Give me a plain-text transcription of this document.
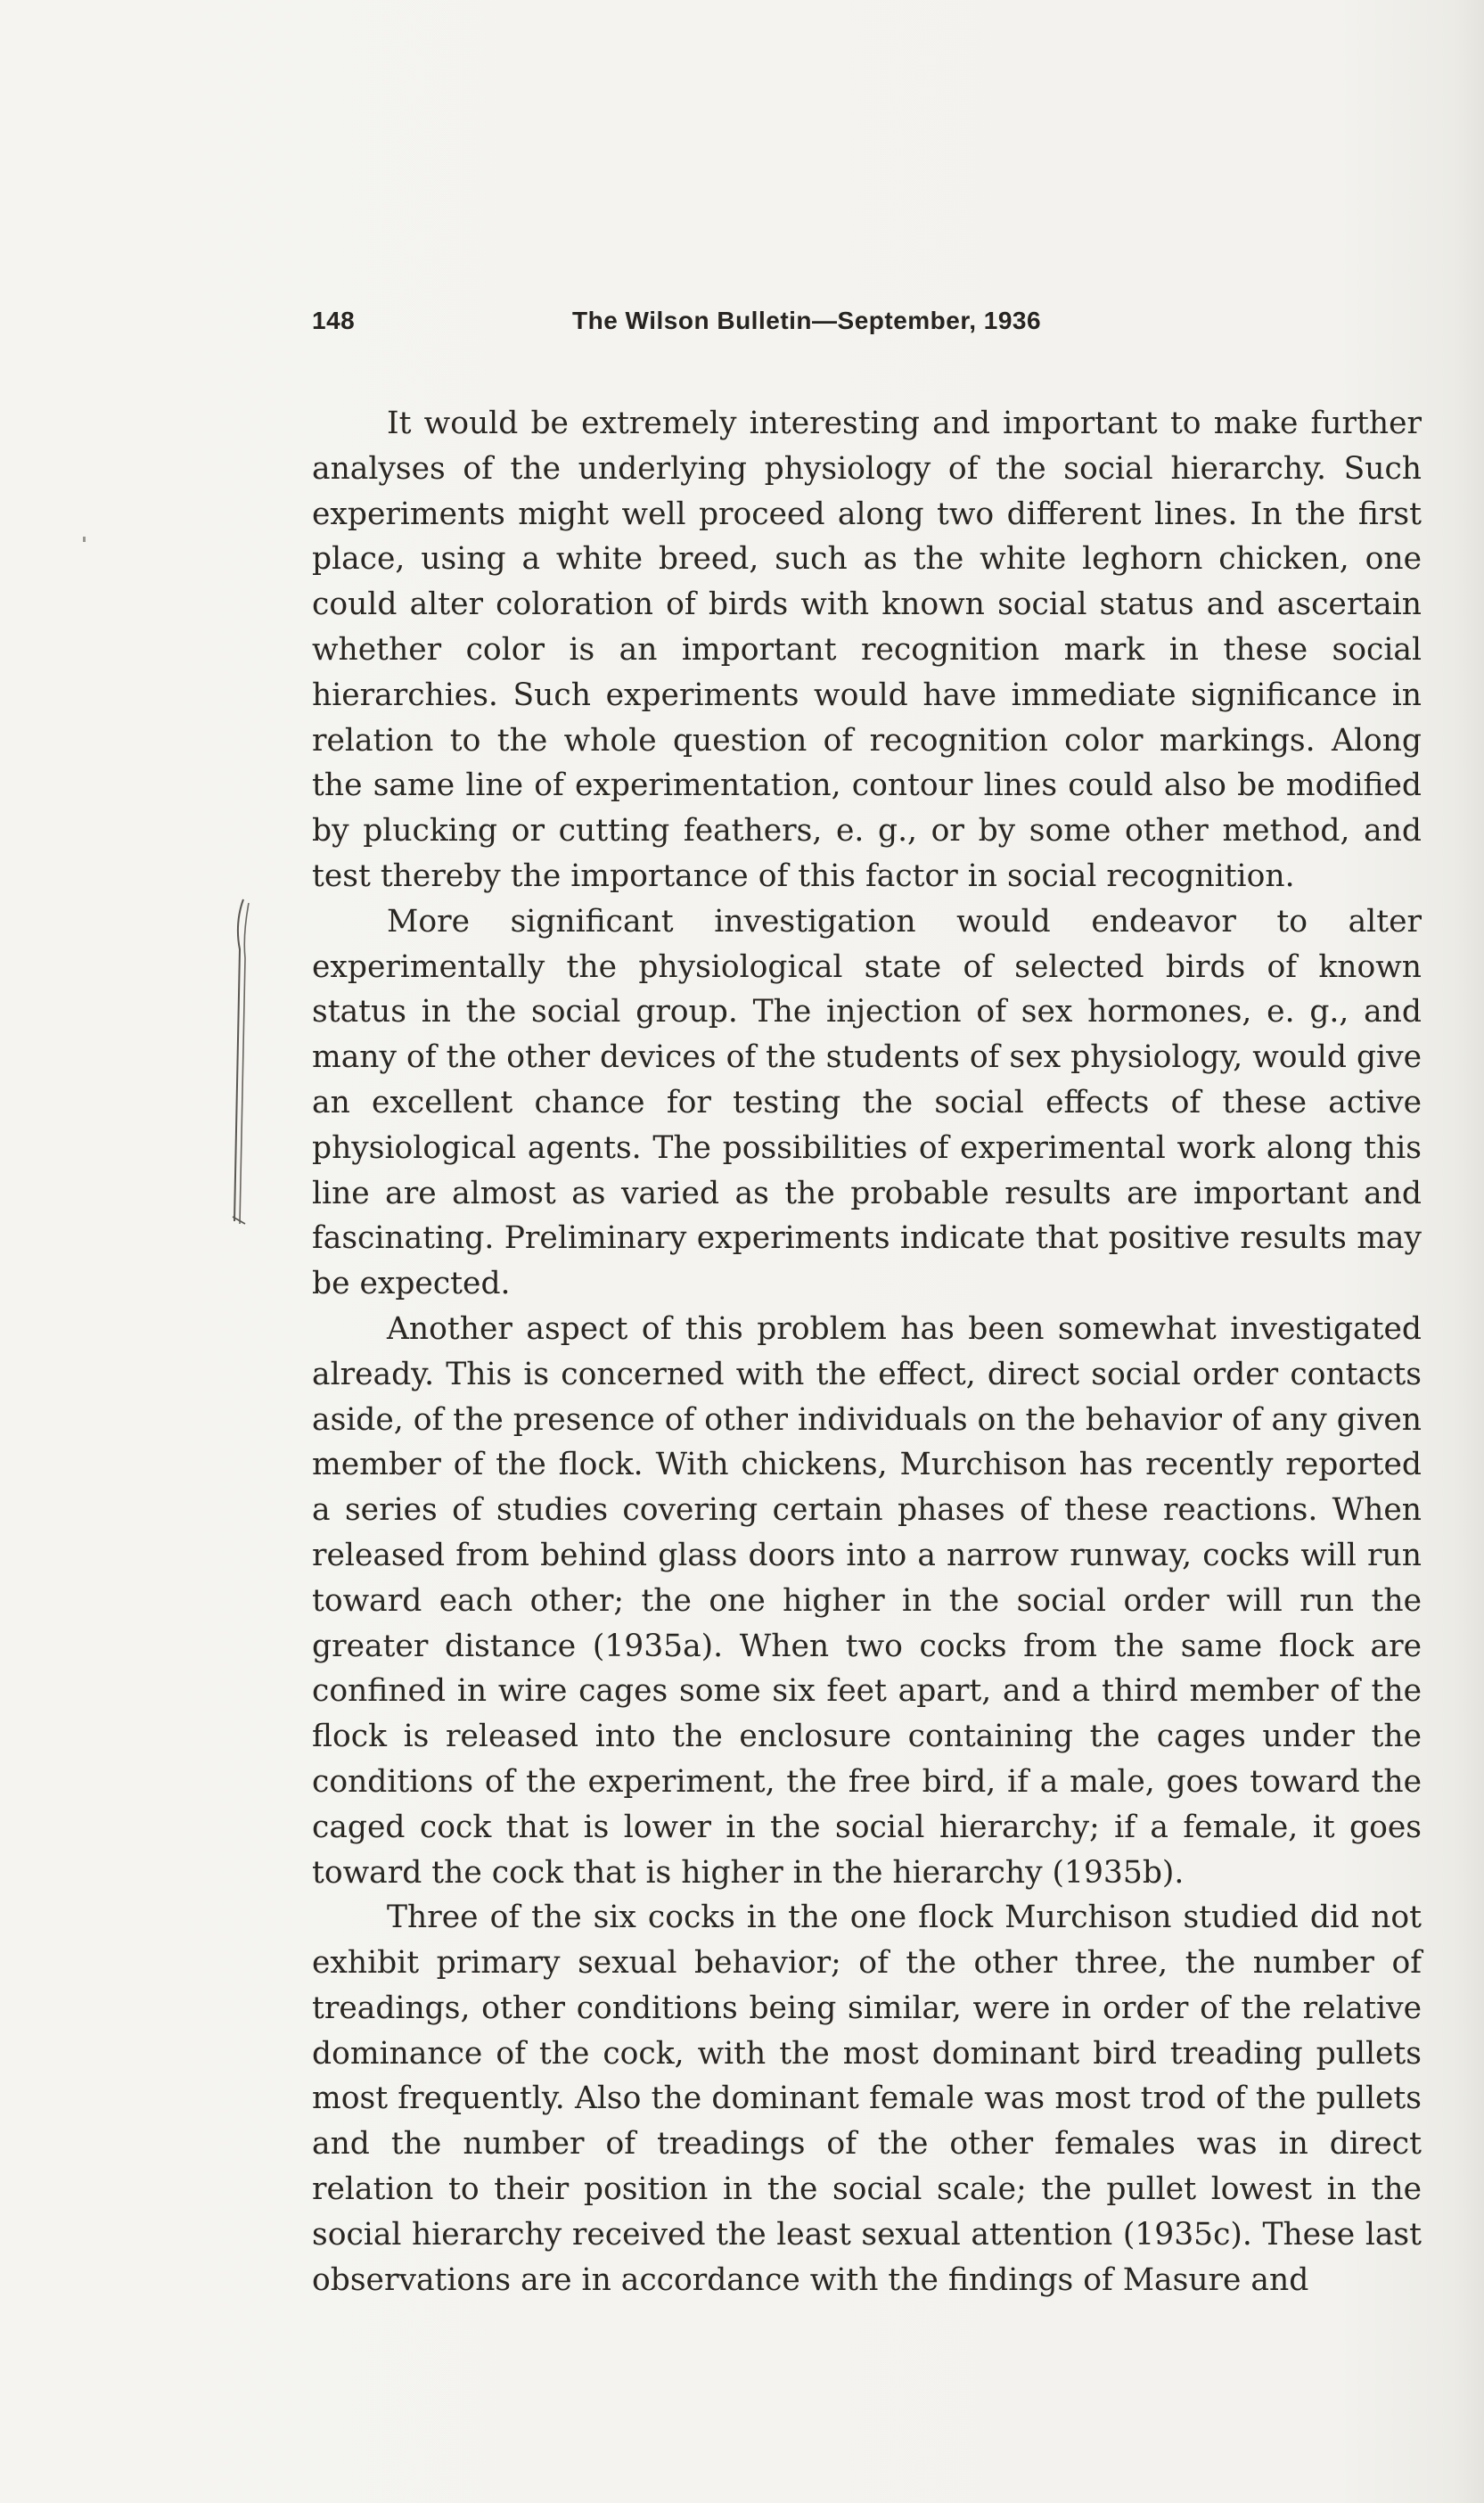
148	The Wilson Bulletin—September, 1936

It would be extremely interesting and important to make further analyses of the underlying physiology of the social hierarchy. Such experiments might well proceed along two different lines. In the first place, using a white breed, such as the white leghorn chicken, one could alter coloration of birds with known social status and ascertain whether color is an important recognition mark in these social hierarchies. Such experiments would have immediate significance in relation to the whole question of recognition color markings. Along the same line of experimentation, contour lines could also be modified by plucking or cutting feathers, e. g., or by some other method, and test thereby the importance of this factor in social recognition.

More significant investigation would endeavor to alter experimentally the physiological state of selected birds of known status in the social group. The injection of sex hormones, e. g., and many of the other devices of the students of sex physiology, would give an excellent chance for testing the social effects of these active physiological agents. The possibilities of experimental work along this line are almost as varied as the probable results are important and fascinating. Preliminary experiments indicate that positive results may be expected.

Another aspect of this problem has been somewhat investigated already. This is concerned with the effect, direct social order contacts aside, of the presence of other individuals on the behavior of any given member of the flock. With chickens, Murchison has recently reported a series of studies covering certain phases of these reactions. When released from behind glass doors into a narrow runway, cocks will run toward each other; the one higher in the social order will run the greater distance (1935a). When two cocks from the same flock are confined in wire cages some six feet apart, and a third member of the flock is released into the enclosure containing the cages under the conditions of the experiment, the free bird, if a male, goes toward the caged cock that is lower in the social hierarchy; if a female, it goes toward the cock that is higher in the hierarchy (1935b).

Three of the six cocks in the one flock Murchison studied did not exhibit primary sexual behavior; of the other three, the number of treadings, other conditions being similar, were in order of the relative dominance of the cock, with the most dominant bird treading pullets most frequently. Also the dominant female was most trod of the pullets and the number of treadings of the other females was in direct relation to their position in the social scale; the pullet lowest in the social hierarchy received the least sexual attention (1935c). These last observations are in accordance with the findings of Masure and
